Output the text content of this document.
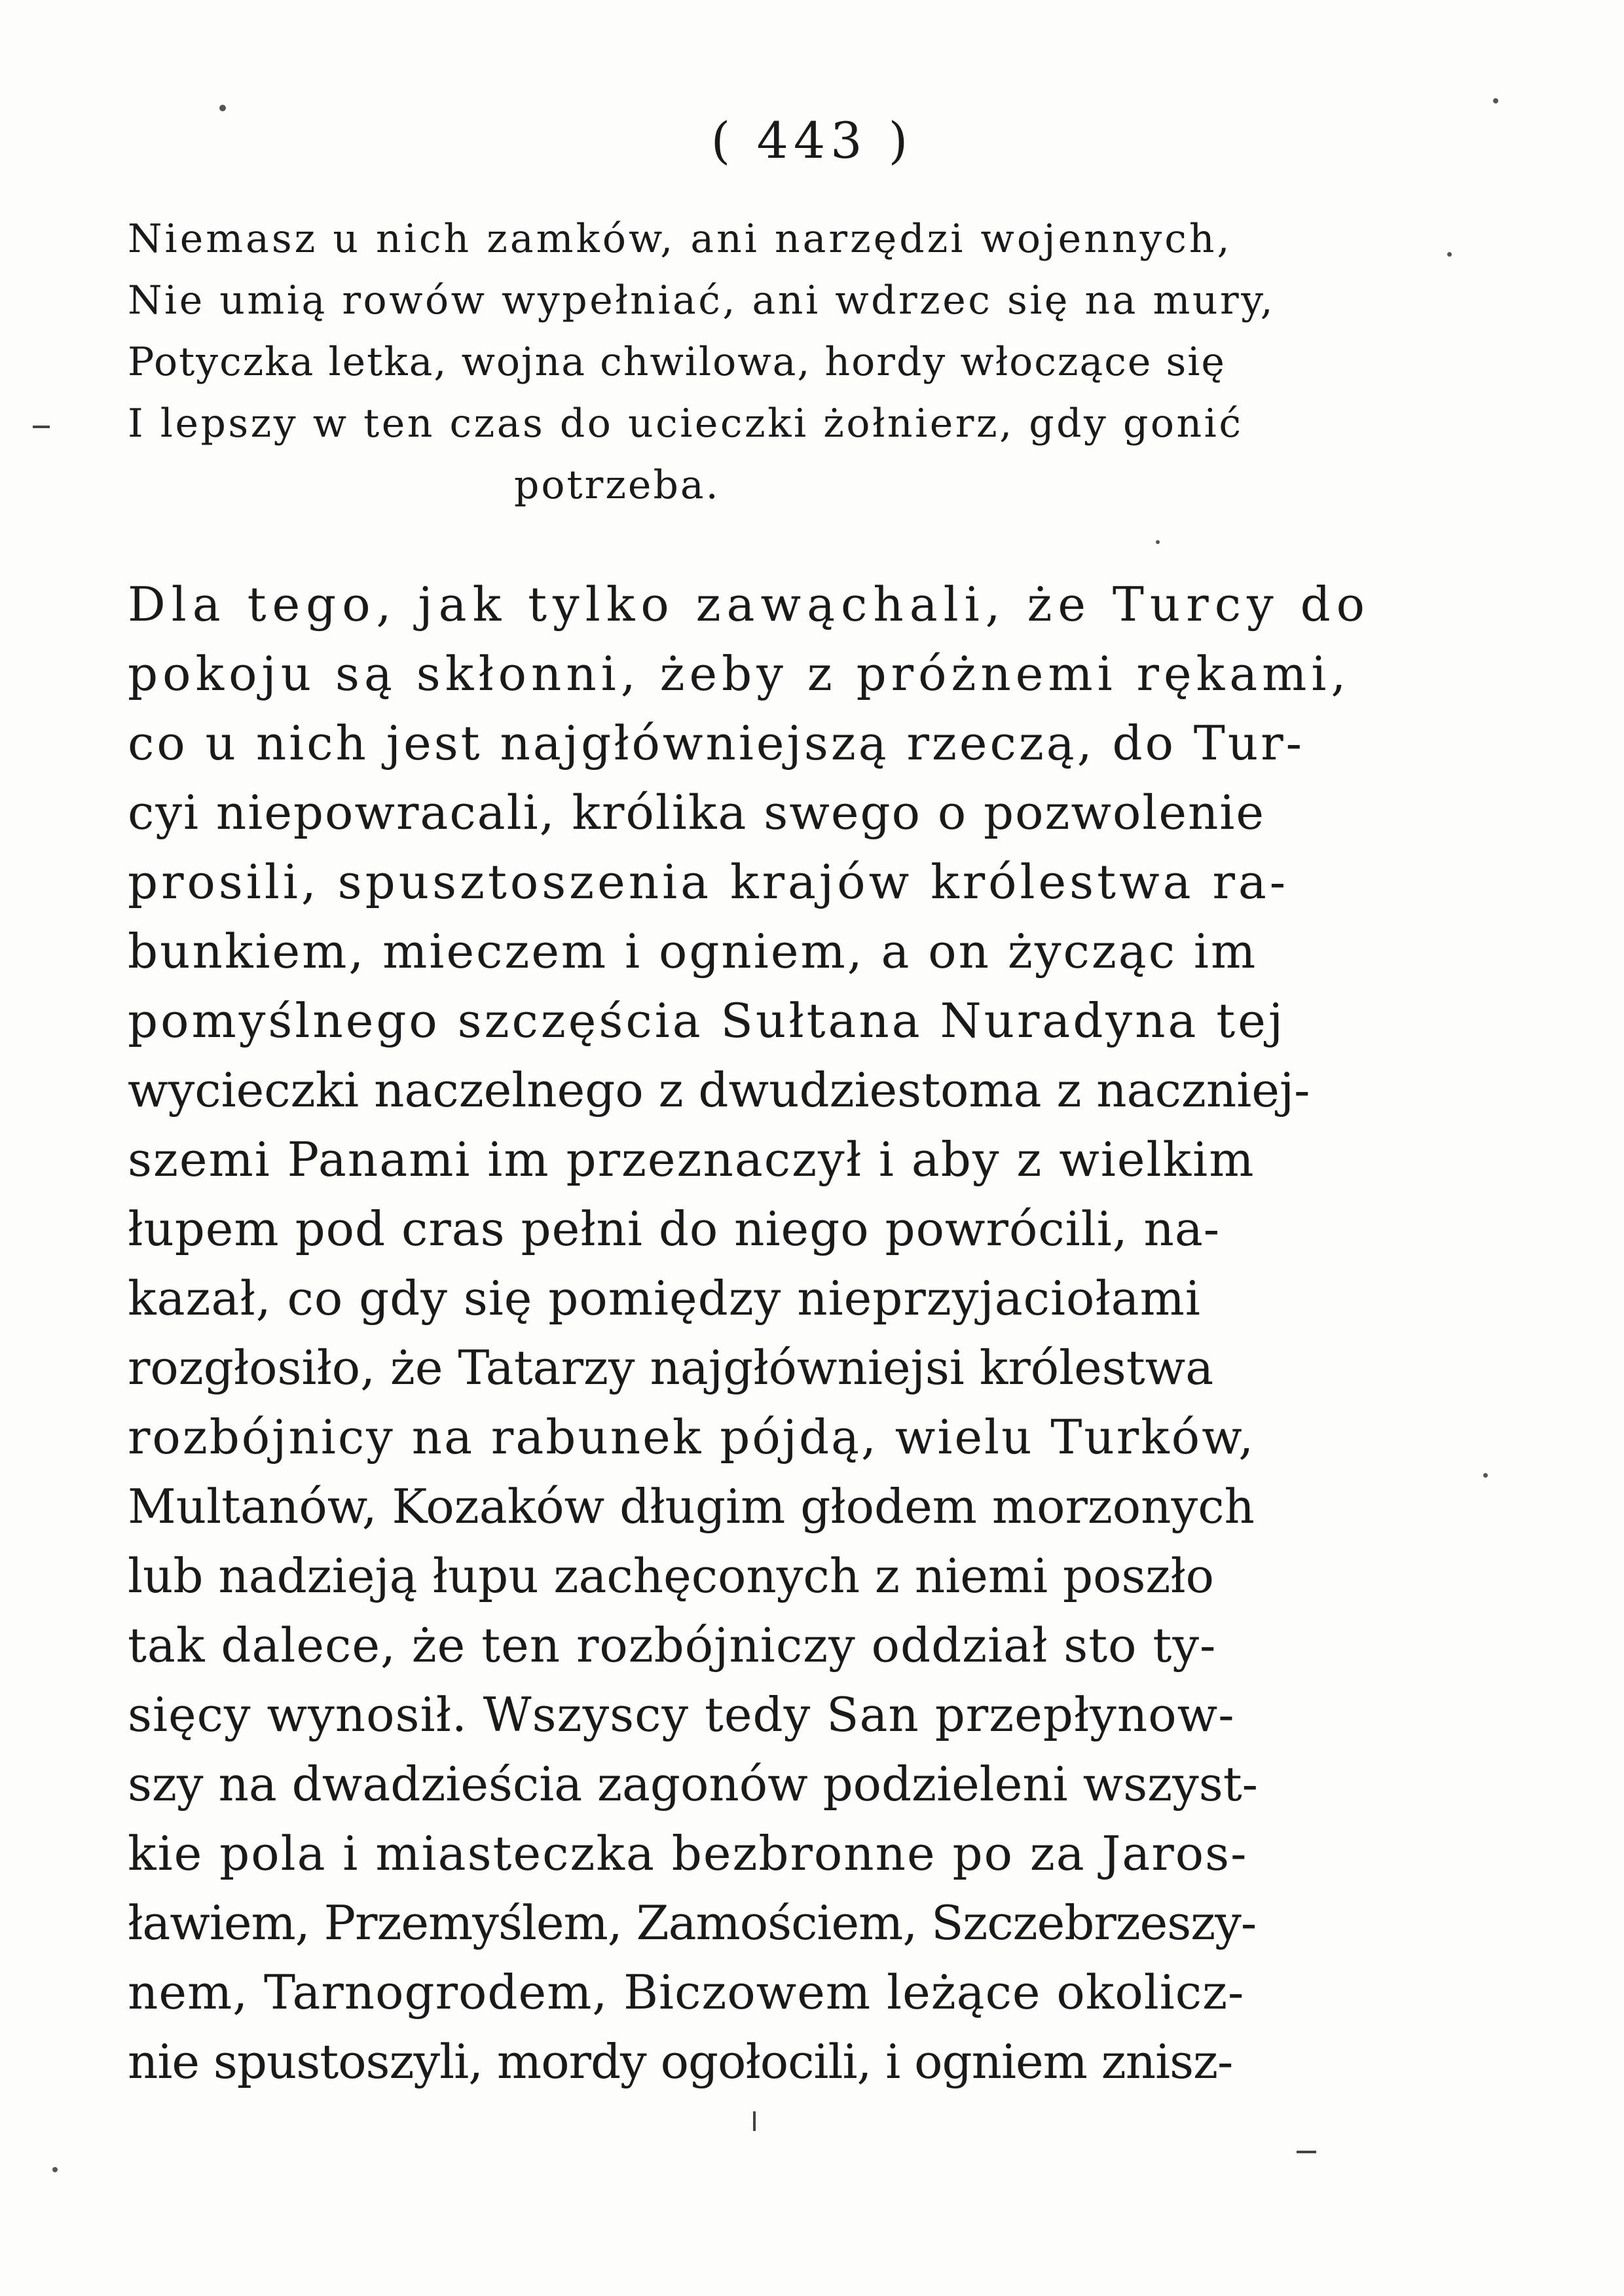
( 443 )
Niemasz u nich zamków, ani narzędzi wojennych,
Nie umią rowów wypełniać, ani wdrzec się na mury,
Potyczka letka, wojna chwilowa, hordy włoczące się
I lepszy w ten czas do ucieczki żołnierz, gdy gonić
potrzeba.
Dla tego, jak tylko zawąchali, że Turcy do
pokoju są skłonni, żeby z próżnemi rękami,
co u nich jest najgłówniejszą rzeczą, do Tur-
cyi niepowracali, królika swego o pozwolenie
prosili, spusztoszenia krajów królestwa ra-
bunkiem, mieczem i ogniem, a on życząc im
pomyślnego szczęścia Sułtana Nuradyna tej
wycieczki naczelnego z dwudziestoma z naczniej-
szemi Panami im przeznaczył i aby z wielkim
łupem pod cras pełni do niego powrócili, na-
kazał, co gdy się pomiędzy nieprzyjaciołami
rozgłosiło, że Tatarzy najgłówniejsi królestwa
rozbójnicy na rabunek pójdą, wielu Turków,
Multanów, Kozaków długim głodem morzonych
lub nadzieją łupu zachęconych z niemi poszło
tak dalece, że ten rozbójniczy oddział sto ty-
sięcy wynosił. Wszyscy tedy San przepłynow-
szy na dwadzieścia zagonów podzieleni wszyst-
kie pola i miasteczka bezbronne po za Jaros-
ławiem, Przemyślem, Zamościem, Szczebrzeszy-
nem, Tarnogrodem, Biczowem leżące okolicz-
nie spustoszyli, mordy ogołocili, i ogniem znisz-
